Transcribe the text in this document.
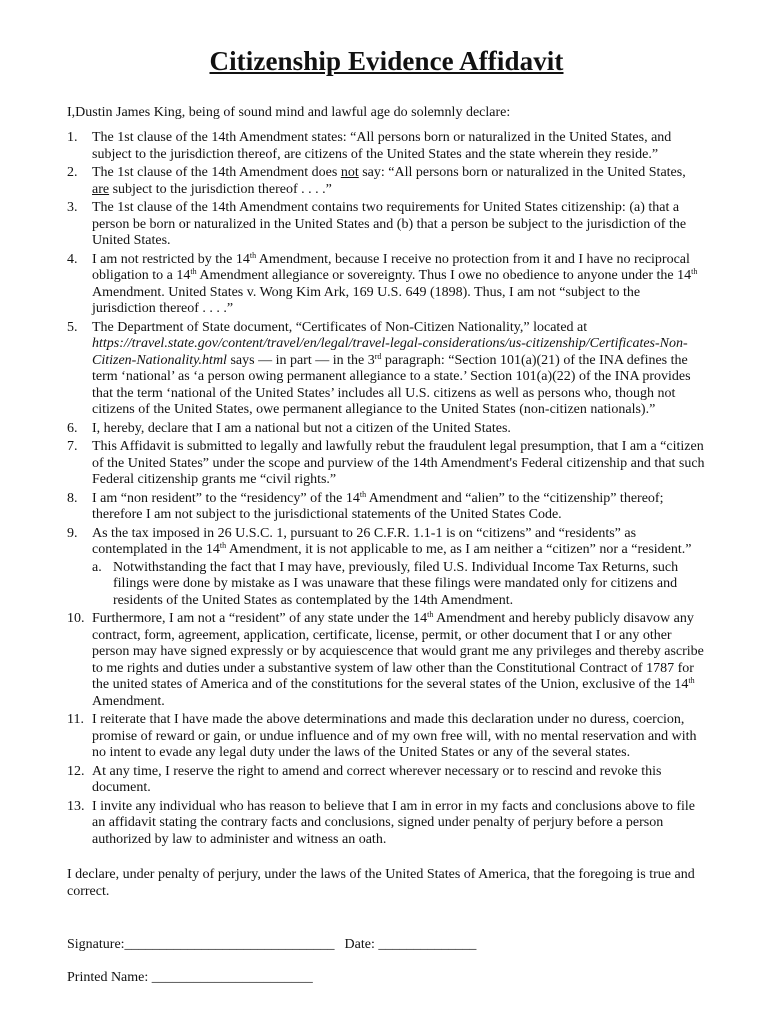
Citizenship Evidence Affidavit

I,Dustin James King, being of sound mind and lawful age do solemnly declare:

1. The 1st clause of the 14th Amendment states: “All persons born or naturalized in the United States, and subject to the jurisdiction thereof, are citizens of the United States and the state wherein they reside.”
2. The 1st clause of the 14th Amendment does not say: “All persons born or naturalized in the United States, are subject to the jurisdiction thereof . . . .”
3. The 1st clause of the 14th Amendment contains two requirements for United States citizenship: (a) that a person be born or naturalized in the United States and (b) that a person be subject to the jurisdiction of the United States.
4. I am not restricted by the 14th Amendment, because I receive no protection from it and I have no reciprocal obligation to a 14th Amendment allegiance or sovereignty. Thus I owe no obedience to anyone under the 14th Amendment. United States v. Wong Kim Ark, 169 U.S. 649 (1898). Thus, I am not “subject to the jurisdiction thereof . . . .”
5. The Department of State document, “Certificates of Non-Citizen Nationality,” located at
https://travel.state.gov/content/travel/en/legal/travel-legal-considerations/us-citizenship/Certificates-Non-Citizen-Nationality.html says — in part — in the 3rd paragraph: “Section 101(a)(21) of the INA defines the term ‘national’ as ‘a person owing permanent allegiance to a state.’ Section 101(a)(22) of the INA provides that the term ‘national of the United States’ includes all U.S. citizens as well as persons who, though not citizens of the United States, owe permanent allegiance to the United States (non-citizen nationals).”
6. I, hereby, declare that I am a national but not a citizen of the United States.
7. This Affidavit is submitted to legally and lawfully rebut the fraudulent legal presumption, that I am a “citizen of the United States” under the scope and purview of the 14th Amendment's Federal citizenship and that such Federal citizenship grants me “civil rights.”
8. I am “non resident” to the “residency” of the 14th Amendment and “alien” to the “citizenship” thereof; therefore I am not subject to the jurisdictional statements of the United States Code.
9. As the tax imposed in 26 U.S.C. 1, pursuant to 26 C.F.R. 1.1-1 is on “citizens” and “residents” as contemplated in the 14th Amendment, it is not applicable to me, as I am neither a “citizen” nor a “resident.”
a. Notwithstanding the fact that I may have, previously, filed U.S. Individual Income Tax Returns, such filings were done by mistake as I was unaware that these filings were mandated only for citizens and residents of the United States as contemplated by the 14th Amendment.
10. Furthermore, I am not a “resident” of any state under the 14th Amendment and hereby publicly disavow any contract, form, agreement, application, certificate, license, permit, or other document that I or any other person may have signed expressly or by acquiescence that would grant me any privileges and thereby ascribe to me rights and duties under a substantive system of law other than the Constitutional Contract of 1787 for the united states of America and of the constitutions for the several states of the Union, exclusive of the 14th Amendment.
11. I reiterate that I have made the above determinations and made this declaration under no duress, coercion, promise of reward or gain, or undue influence and of my own free will, with no mental reservation and with no intent to evade any legal duty under the laws of the United States or any of the several states.
12. At any time, I reserve the right to amend and correct wherever necessary or to rescind and revoke this document.
13. I invite any individual who has reason to believe that I am in error in my facts and conclusions above to file an affidavit stating the contrary facts and conclusions, signed under penalty of perjury before a person authorized by law to administer and witness an oath.

I declare, under penalty of perjury, under the laws of the United States of America, that the foregoing is true and correct.

Signature:______________________________ Date: ______________
Printed Name: _______________________
